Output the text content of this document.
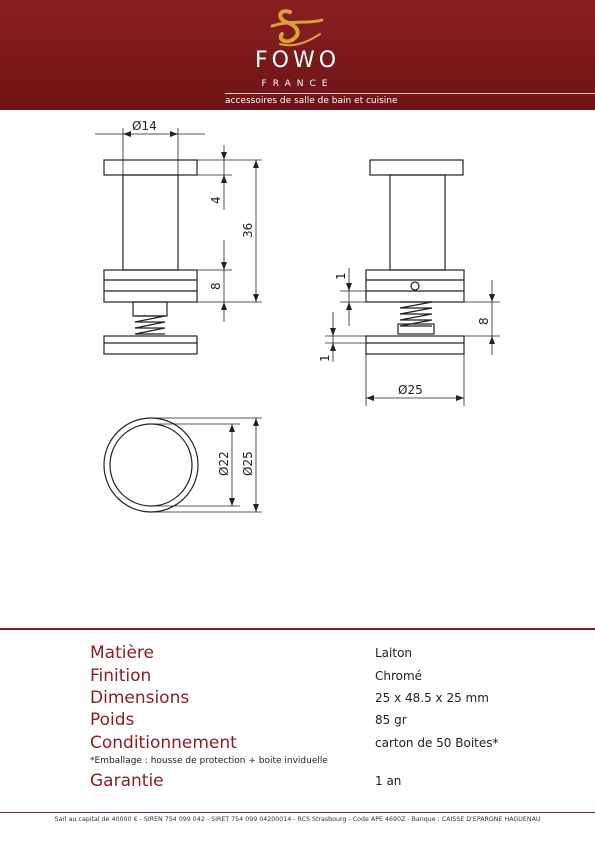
FOWO
FRANCE
accessoires de salle de bain et cuisine
Ø14
4
36
8
1
8
1
Ø25
Ø22 Ø25
Matière	Laiton
Finition	Chromé
Dimensions	25 x 48.5 x 25 mm
Poids	85 gr
Conditionnement	carton de 50 Boites*
*Emballage : housse de protection + boite inviduelle
Garantie	1 an
Sarl au capital de 40000 € - SIREN 754 099 042 - SIRET 754 099 04200014 - RCS Strasbourg - Code APE 4690Z - Banque : CAISSE D'EPARGNE HAGUENAU
